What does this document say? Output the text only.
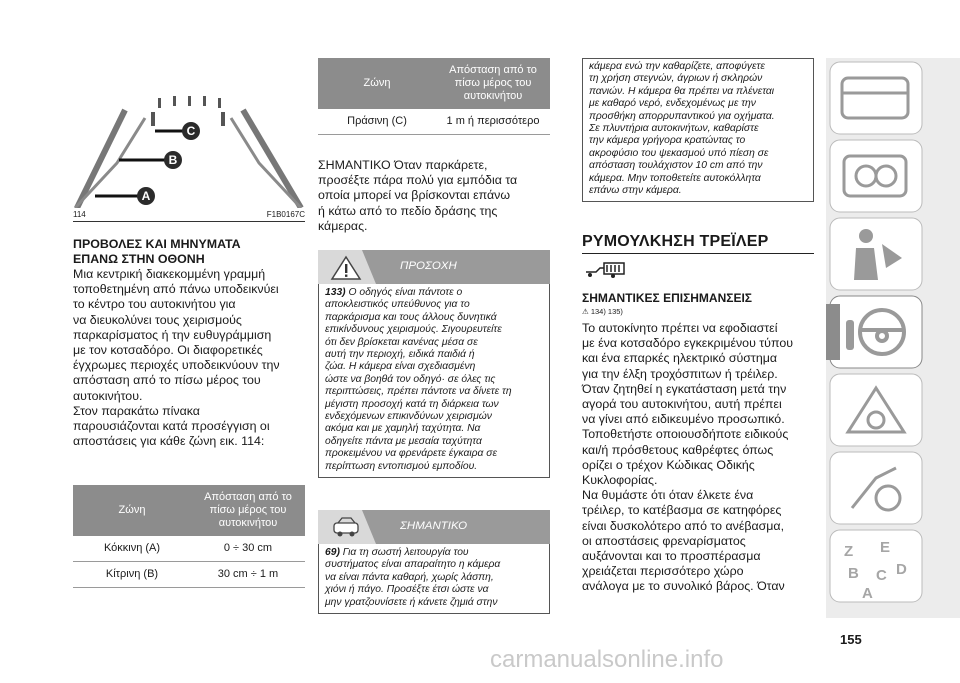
C
B
A
114	F1B0167C
ΠΡΟΒΟΛΕΣ ΚΑΙ ΜΗΝΥΜΑΤΑ
ΕΠΑΝΩ ΣΤΗΝ ΟΘΟΝΗ
Μια κεντρική διακεκομμένη γραμμή
τοποθετημένη από πάνω υποδεικνύει
το κέντρο του αυτοκινήτου για
να διευκολύνει τους χειρισμούς
παρκαρίσματος ή την ευθυγράμμιση
με τον κοτσαδόρο. Οι διαφορετικές
έγχρωμες περιοχές υποδεικνύουν την
απόσταση από το πίσω μέρος του
αυτοκινήτου.
Στον παρακάτω πίνακα
παρουσιάζονται κατά προσέγγιση οι
αποστάσεις για κάθε ζώνη εικ. 114:
Ζώνη	Απόσταση από το
πίσω μέρος του
αυτοκινήτου

Κόκκινη (A)	0 ÷ 30 cm
Κίτρινη (B)	30 cm ÷ 1 m
Ζώνη	Απόσταση από το
πίσω μέρος του
αυτοκινήτου

Πράσινη (C)	1 m ή περισσότερο
ΣΗΜΑΝΤΙΚΟ Όταν παρκάρετε,
προσέξτε πάρα πολύ για εμπόδια τα
οποία μπορεί να βρίσκονται επάνω
ή κάτω από το πεδίο δράσης της
κάμερας.
ΠΡΟΣΟΧΗ
133) Ο οδηγός είναι πάντοτε ο
αποκλειστικός υπεύθυνος για το
παρκάρισμα και τους άλλους δυνητικά
επικίνδυνους χειρισμούς. Σιγουρευτείτε
ότι δεν βρίσκεται κανένας μέσα σε
αυτή την περιοχή, ειδικά παιδιά ή
ζώα. Η κάμερα είναι σχεδιασμένη
ώστε να βοηθά τον οδηγό· σε όλες τις
περιπτώσεις, πρέπει πάντοτε να δίνετε τη
μέγιστη προσοχή κατά τη διάρκεια των
ενδεχόμενων επικινδύνων χειρισμών
ακόμα και με χαμηλή ταχύτητα. Να
οδηγείτε πάντα με μεσαία ταχύτητα
προκειμένου να φρενάρετε έγκαιρα σε
περίπτωση εντοπισμού εμποδίου.
ΣΗΜΑΝΤΙΚΟ
69) Για τη σωστή λειτουργία του
συστήματος είναι απαραίτητο η κάμερα
να είναι πάντα καθαρή, χωρίς λάσπη,
χιόνι ή πάγο. Προσέξτε έτσι ώστε να
μην γρατζουνίσετε ή κάνετε ζημιά στην
κάμερα ενώ την καθαρίζετε, αποφύγετε
τη χρήση στεγνών, άγριων ή σκληρών
πανιών. Η κάμερα θα πρέπει να πλένεται
με καθαρό νερό, ενδεχομένως με την
προσθήκη απορρυπαντικού για οχήματα.
Σε πλυντήρια αυτοκινήτων, καθαρίστε
την κάμερα γρήγορα κρατώντας το
ακροφύσιο του ψεκασμού υπό πίεση σε
απόσταση τουλάχιστον 10 cm από την
κάμερα. Μην τοποθετείτε αυτοκόλλητα
επάνω στην κάμερα.
ΡΥΜΟΥΛΚΗΣΗ ΤΡΕΪΛΕΡ
ΣΗΜΑΝΤΙΚΕΣ ΕΠΙΣΗΜΑΝΣΕΙΣ
⚠ 134) 135)
Το αυτοκίνητο πρέπει να εφοδιαστεί
με ένα κοτσαδόρο εγκεκριμένου τύπου
και ένα επαρκές ηλεκτρικό σύστημα
για την έλξη τροχόσπιτων ή τρέιλερ.
Όταν ζητηθεί η εγκατάσταση μετά την
αγορά του αυτοκινήτου, αυτή πρέπει
να γίνει από ειδικευμένο προσωπικό.
Τοποθετήστε οποιουσδήποτε ειδικούς
και/ή πρόσθετους καθρέφτες όπως
ορίζει ο τρέχον Κώδικας Οδικής
Κυκλοφορίας.
Να θυμάστε ότι όταν έλκετε ένα
τρέιλερ, το κατέβασμα σε κατηφόρες
είναι δυσκολότερο από το ανέβασμα,
οι αποστάσεις φρεναρίσματος
αυξάνονται και το προσπέρασμα
χρειάζεται περισσότερο χώρο
ανάλογα με το συνολικό βάρος. Όταν
Z E
B C D
A
155
carmanualsonline.info
